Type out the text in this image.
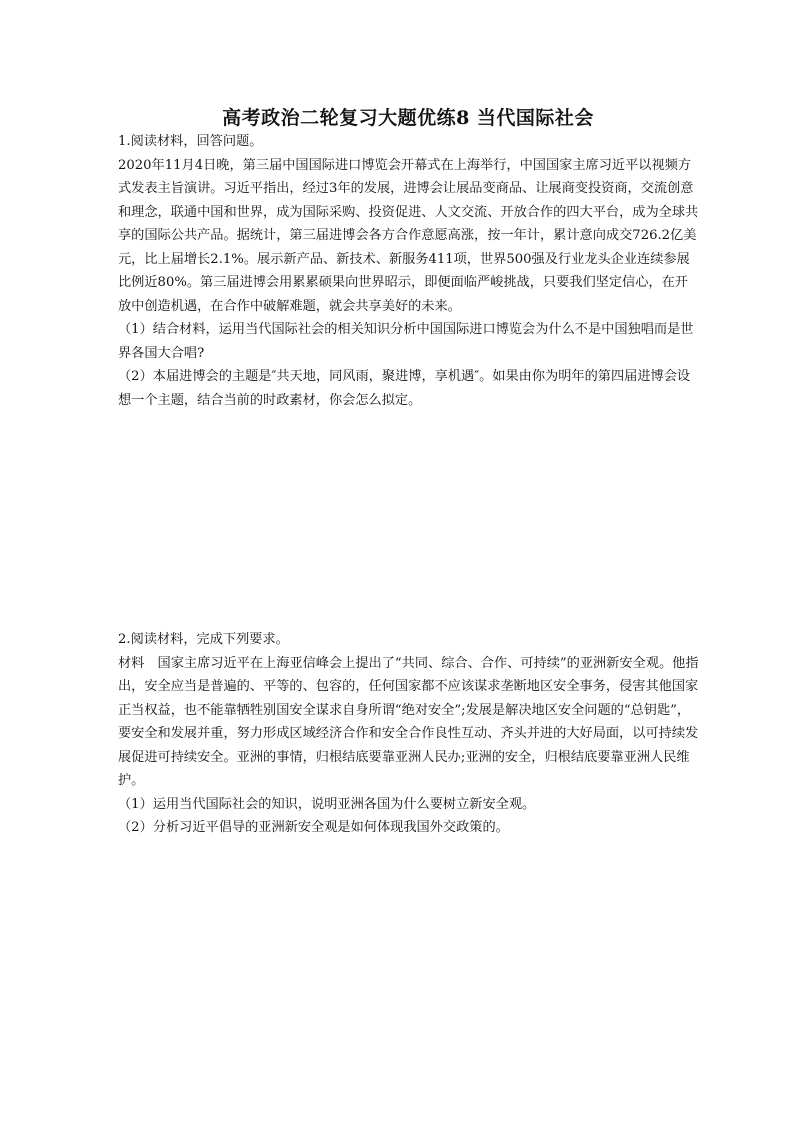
高考政治二轮复习大题优练8 当代国际社会

1.阅读材料，回答问题。

2020年11月4日晚，第三届中国国际进口博览会开幕式在上海举行，中国国家主席习近平以视频方式发表主旨演讲。习近平指出，经过3年的发展，进博会让展品变商品、让展商变投资商，交流创意和理念，联通中国和世界，成为国际采购、投资促进、人文交流、开放合作的四大平台，成为全球共享的国际公共产品。据统计，第三届进博会各方合作意愿高涨，按一年计，累计意向成交726.2亿美元，比上届增长2.1%。展示新产品、新技术、新服务411项，世界500强及行业龙头企业连续参展比例近80%。第三届进博会用累累硕果向世界昭示，即便面临严峻挑战，只要我们坚定信心，在开放中创造机遇，在合作中破解难题，就会共享美好的未来。

（1）结合材料，运用当代国际社会的相关知识分析中国国际进口博览会为什么不是中国独唱而是世界各国大合唱?

（2）本届进博会的主题是″共天地，同风雨，聚进博，享机遇″。如果由你为明年的第四届进博会设想一个主题，结合当前的时政素材，你会怎么拟定。

2.阅读材料，完成下列要求。

材料　国家主席习近平在上海亚信峰会上提出了“共同、综合、合作、可持续”的亚洲新安全观。他指出，安全应当是普遍的、平等的、包容的，任何国家都不应该谋求垄断地区安全事务，侵害其他国家正当权益，也不能靠牺牲别国安全谋求自身所谓“绝对安全”;发展是解决地区安全问题的“总钥匙”，要安全和发展并重，努力形成区域经济合作和安全合作良性互动、齐头并进的大好局面，以可持续发展促进可持续安全。亚洲的事情，归根结底要靠亚洲人民办;亚洲的安全，归根结底要靠亚洲人民维护。

（1）运用当代国际社会的知识，说明亚洲各国为什么要树立新安全观。

（2）分析习近平倡导的亚洲新安全观是如何体现我国外交政策的。
